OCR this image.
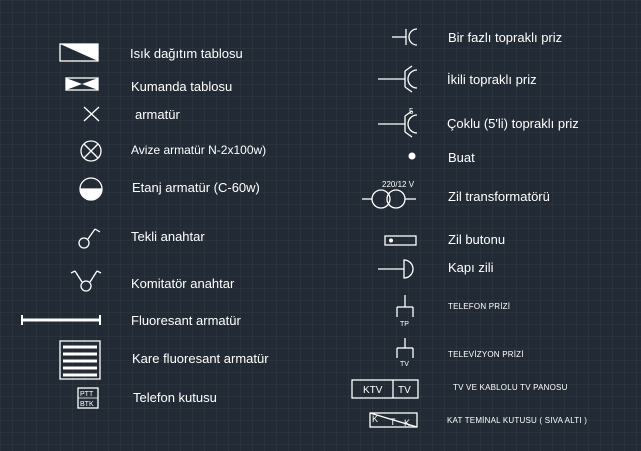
5
220/12 V
TP
TV
PTT
BTK
KTV TV
K T K
Isık dağıtım tablosu
Kumanda tablosu
armatür
Avize armatür N-2x100w)
Etanj armatür (C-60w)
Tekli anahtar
Komitatör anahtar
Fluoresant armatür
Kare fluoresant armatür
Telefon kutusu
Bir fazlı topraklı priz
İkili topraklı priz
Çoklu (5'li) topraklı priz
Buat
Zil transformatörü
Zil butonu
Kapı zili
TELEFON PRİZİ
TELEVİZYON PRİZİ
TV VE KABLOLU TV PANOSU
KAT TEMİNAL KUTUSU ( SIVA ALTI )
